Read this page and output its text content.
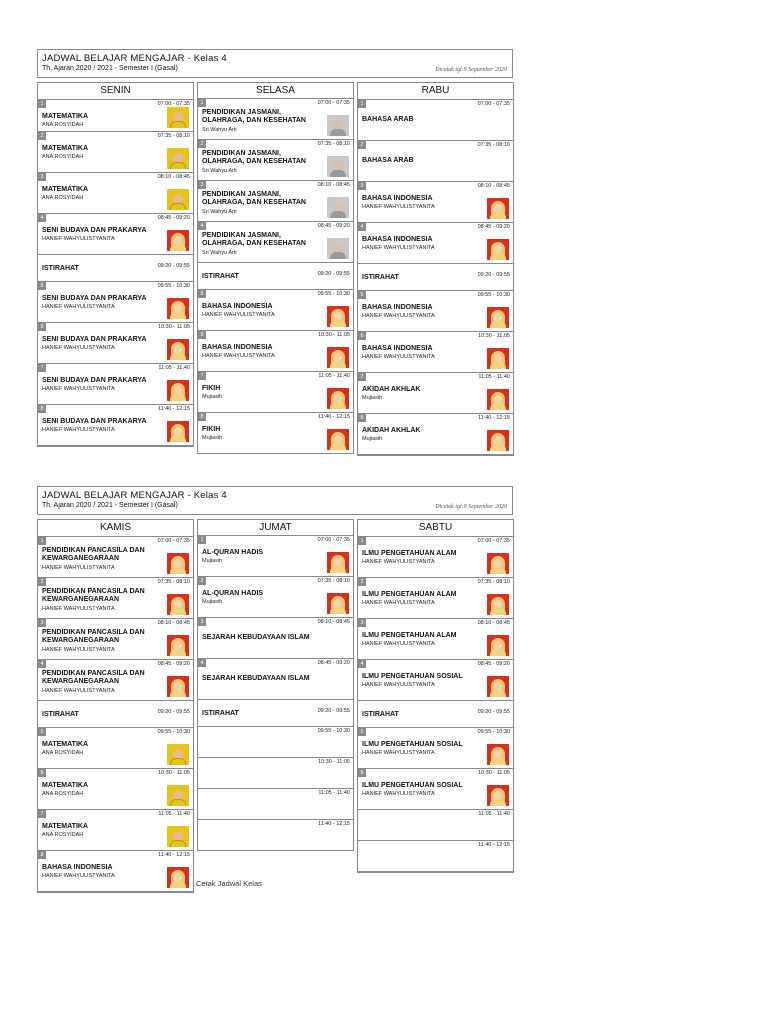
JADWAL BELAJAR MENGAJAR - Kelas 4
Th. Ajaran 2020 / 2021 - Semester I (Gasal)	Dicetak tgl:9 September 2020
SENIN
1	07:00 - 07:35
MATEMATIKA
ANA ROSYIDAH
2	07:35 - 08:10
MATEMATIKA
ANA ROSYIDAH
3	08:10 - 08:45
MATEMATIKA
ANA ROSYIDAH
4	08:45 - 09:20
SENI BUDAYA DAN PRAKARYA
HANIEF WAHYULISTYANITA
09:20 - 09:55
ISTIRAHAT
5	09:55 - 10:30
SENI BUDAYA DAN PRAKARYA
HANIEF WAHYULISTYANITA
6	10:30 - 11:05
SENI BUDAYA DAN PRAKARYA
HANIEF WAHYULISTYANITA
7	11:05 - 11:40
SENI BUDAYA DAN PRAKARYA
HANIEF WAHYULISTYANITA
8	11:40 - 12:15
SENI BUDAYA DAN PRAKARYA
HANIEF WAHYULISTYANITA
SELASA
1	07:00 - 07:35
PENDIDIKAN JASMANI, OLAHRAGA, DAN KESEHATAN
Sri Wahyu Arti
2	07:35 - 08:10
PENDIDIKAN JASMANI, OLAHRAGA, DAN KESEHATAN
Sri Wahyu Arti
3	08:10 - 08:45
PENDIDIKAN JASMANI, OLAHRAGA, DAN KESEHATAN
Sri Wahyu Arti
4	08:45 - 09:20
PENDIDIKAN JASMANI, OLAHRAGA, DAN KESEHATAN
Sri Wahyu Arti
09:20 - 09:55
ISTIRAHAT
5	09:55 - 10:30
BAHASA INDONESIA
HANIEF WAHYULISTYANITA
6	10:30 - 11:05
BAHASA INDONESIA
HANIEF WAHYULISTYANITA
7	11:05 - 11:40
FIKIH
Mujiasih
8	11:40 - 12:15
FIKIH
Mujiasih
RABU
1	07:00 - 07:35
BAHASA ARAB
2	07:35 - 08:10
BAHASA ARAB
3	08:10 - 08:45
BAHASA INDONESIA
HANIEF WAHYULISTYANITA
4	08:45 - 09:20
BAHASA INDONESIA
HANIEF WAHYULISTYANITA
09:20 - 09:55
ISTIRAHAT
5	09:55 - 10:30
BAHASA INDONESIA
HANIEF WAHYULISTYANITA
6	10:30 - 11:05
BAHASA INDONESIA
HANIEF WAHYULISTYANITA
7	11:05 - 11:40
AKIDAH AKHLAK
Mujiasih
8	11:40 - 12:15
AKIDAH AKHLAK
Mujiasih
JADWAL BELAJAR MENGAJAR - Kelas 4
Th. Ajaran 2020 / 2021 - Semester I (Gasal)	Dicetak tgl:9 September 2020
KAMIS
1	07:00 - 07:35
PENDIDIKAN PANCASILA DAN KEWARGANEGARAAN
HANIEF WAHYULISTYANITA
2	07:35 - 08:10
PENDIDIKAN PANCASILA DAN KEWARGANEGARAAN
HANIEF WAHYULISTYANITA
3	08:10 - 08:45
PENDIDIKAN PANCASILA DAN KEWARGANEGARAAN
HANIEF WAHYULISTYANITA
4	08:45 - 09:20
PENDIDIKAN PANCASILA DAN KEWARGANEGARAAN
HANIEF WAHYULISTYANITA
09:20 - 09:55
ISTIRAHAT
5	09:55 - 10:30
MATEMATIKA
ANA ROSYIDAH
6	10:30 - 11:05
MATEMATIKA
ANA ROSYIDAH
7	11:05 - 11:40
MATEMATIKA
ANA ROSYIDAH
8	11:40 - 12:15
BAHASA INDONESIA
HANIEF WAHYULISTYANITA
JUMAT
1	07:00 - 07:35
AL-QURAN HADIS
Mujiasih
2	07:35 - 08:10
AL-QURAN HADIS
Mujiasih
3	08:10 - 08:45
SEJARAH KEBUDAYAAN ISLAM
4	08:45 - 09:20
SEJARAH KEBUDAYAAN ISLAM
09:20 - 09:55
ISTIRAHAT
09:55 - 10:30
10:30 - 11:05
11:05 - 11:40
11:40 - 12:15
SABTU
1	07:00 - 07:35
ILMU PENGETAHUAN ALAM
HANIEF WAHYULISTYANITA
2	07:35 - 08:10
ILMU PENGETAHUAN ALAM
HANIEF WAHYULISTYANITA
3	08:10 - 08:45
ILMU PENGETAHUAN ALAM
HANIEF WAHYULISTYANITA
4	08:45 - 09:20
ILMU PENGETAHUAN SOSIAL
HANIEF WAHYULISTYANITA
09:20 - 09:55
ISTIRAHAT
5	09:55 - 10:30
ILMU PENGETAHUAN SOSIAL
HANIEF WAHYULISTYANITA
6	10:30 - 11:05
ILMU PENGETAHUAN SOSIAL
HANIEF WAHYULISTYANITA
11:05 - 11:40
11:40 - 12:15
Cetak Jadwal Kelas
